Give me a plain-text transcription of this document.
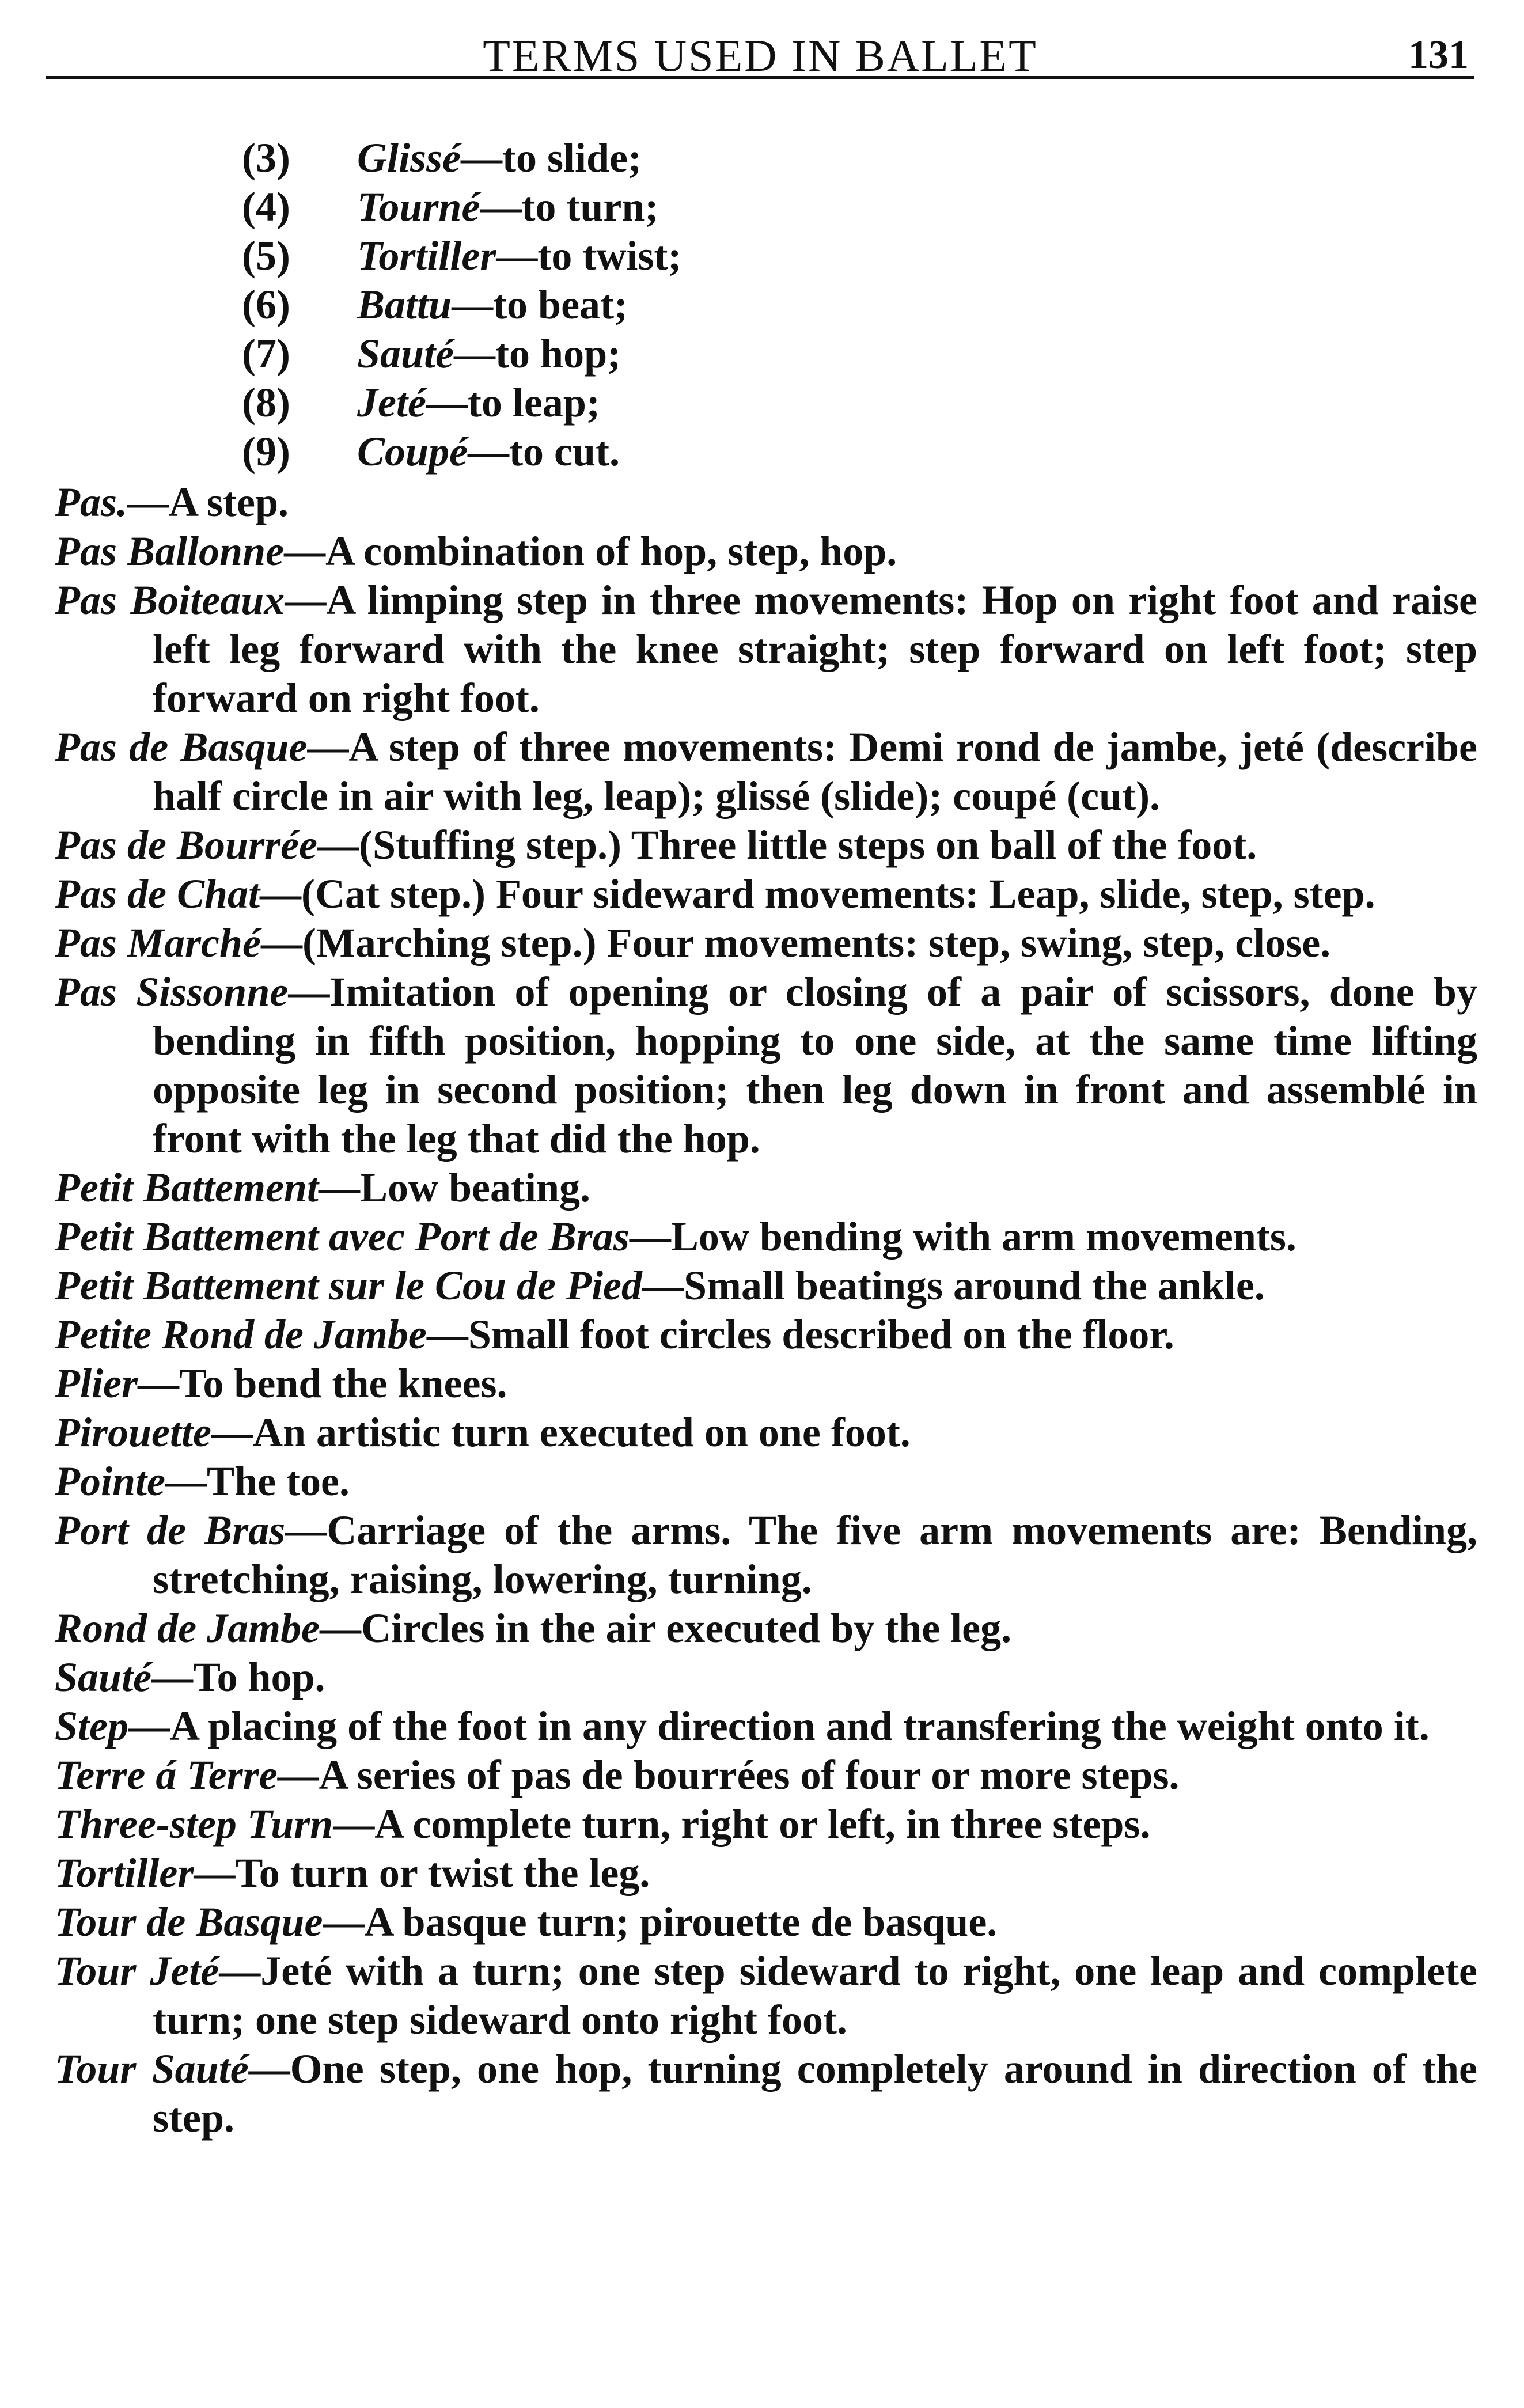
TERMS USED IN BALLET	131
(3)	Glissé — to slide;
(4)	Tourné — to turn;
(5)	Tortiller — to twist;
(6)	Battu — to beat;
(7)	Sauté — to hop;
(8)	Jeté — to leap;
(9)	Coupé — to cut.

Pas.—A step.

Pas Ballonne—A combination of hop, step, hop.

Pas Boiteaux—A limping step in three movements: Hop on right foot and raise left leg forward with the knee straight; step forward on left foot; step forward on right foot.

Pas de Basque—A step of three movements: Demi rond de jambe, jeté (describe half circle in air with leg, leap); glissé (slide); coupé (cut).

Pas de Bourrée—(Stuffing step.) Three little steps on ball of the foot.

Pas de Chat—(Cat step.) Four sideward movements: Leap, slide, step, step.

Pas Marché—(Marching step.) Four movements: step, swing, step, close.

Pas Sissonne—Imitation of opening or closing of a pair of scissors, done by bending in fifth position, hopping to one side, at the same time lifting opposite leg in second position; then leg down in front and assemblé in front with the leg that did the hop.

Petit Battement—Low beating.

Petit Battement avec Port de Bras—Low bending with arm movements.

Petit Battement sur le Cou de Pied—Small beatings around the ankle.

Petite Rond de Jambe—Small foot circles described on the floor.

Plier—To bend the knees.

Pirouette—An artistic turn executed on one foot.

Pointe—The toe.

Port de Bras—Carriage of the arms. The five arm movements are: Bending, stretching, raising, lowering, turning.

Rond de Jambe—Circles in the air executed by the leg.

Sauté—To hop.

Step—A placing of the foot in any direction and transfering the weight onto it.

Terre á Terre—A series of pas de bourrées of four or more steps.

Three-step Turn—A complete turn, right or left, in three steps.

Tortiller—To turn or twist the leg.

Tour de Basque—A basque turn; pirouette de basque.

Tour Jeté—Jeté with a turn; one step sideward to right, one leap and complete turn; one step sideward onto right foot.

Tour Sauté—One step, one hop, turning completely around in direction of the step.
